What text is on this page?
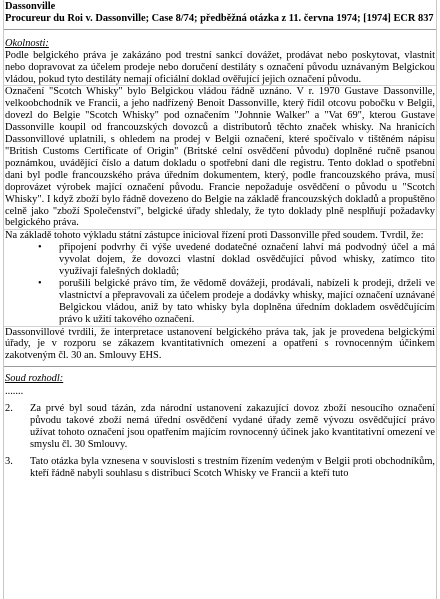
Dassonville
Procureur du Roi v. Dassonville; Case 8/74; předběžná otázka z 11. června 1974; [1974] ECR 837
Okolnosti:
Podle belgického práva je zakázáno pod trestní sankcí dovážet, prodávat nebo poskytovat, vlastnit nebo dopravovat za účelem prodeje nebo doručení destiláty s označení původu uznávaným Belgickou vládou, pokud tyto destiláty nemají oficiální doklad ověřující jejich označení původu.
Označení "Scotch Whisky" bylo Belgickou vládou řádně uznáno. V r. 1970 Gustave Dassonville, velkoobchodník ve Francii, a jeho nadřízený Benoit Dassonville, který řídil otcovu pobočku v Belgii, dovezl do Belgie "Scotch Whisky" pod označením "Johnnie Walker" a "Vat 69", kterou Gustave Dassonville koupil od francouzských dovozců a distributorů těchto značek whisky. Na hranicích Dassonvillové uplatnili, s ohledem na prodej v Belgii označení, které spočívalo v tištěném nápisu "British Customs Certificate of Origin" (Britské celní osvědčení původu) doplněné ručně psanou poznámkou, uvádějící číslo a datum dokladu o spotřební dani dle registru. Tento doklad o spotřební dani byl podle francouzského práva úředním dokumentem, který, podle francouzského práva, musí doprovázet výrobek mající označení původu. Francie nepožaduje osvědčení o původu u "Scotch Whisky". I když zboží bylo řádně dovezeno do Belgie na základě francouzských dokladů a propuštěno celně jako "zboží Společenství", belgické úřady shledaly, že tyto doklady plně nesplňují požadavky belgického práva.
Na základě tohoto výkladu státní zástupce inicioval řízení proti Dassonville před soudem. Tvrdil, že:
• připojení podvrhy či výše uvedené dodatečné označení lahví má podvodný účel a má vyvolat dojem, že dovozci vlastní doklad osvědčující původ whisky, zatímco tito využívají falešných dokladů;
• porušili belgické právo tím, že vědomě dovážeji, prodávali, nabízeli k prodeji, drželi ve vlastnictví a přepravovali za účelem prodeje a dodávky whisky, mající označení uznávané Belgickou vládou, aniž by tato whisky byla doplněna úředním dokladem osvědčujícím právo k užití takového označení.
Dassonvillové tvrdili, že interpretace ustanovení belgického práva tak, jak je provedena belgickými úřady, je v rozporu se zákazem kvantitativních omezení a opatření s rovnocenným účinkem zakotveným čl. 30 an. Smlouvy EHS.
Soud rozhodl:
.......
2. Za prvé byl soud tázán, zda národní ustanovení zakazující dovoz zboží nesoucího označení původu takové zboží nemá úřední osvědčení vydané úřady země vývozu osvědčující právo užívat tohoto označení jsou opatřením majícím rovnocenný účinek jako kvantitativní omezení ve smyslu čl. 30 Smlouvy.
3. Tato otázka byla vznesena v souvislosti s trestním řízením vedeným v Belgii proti obchodníkům, kteří řádně nabyli souhlasu s distribucí Scotch Whisky ve Francii a kteří tuto
